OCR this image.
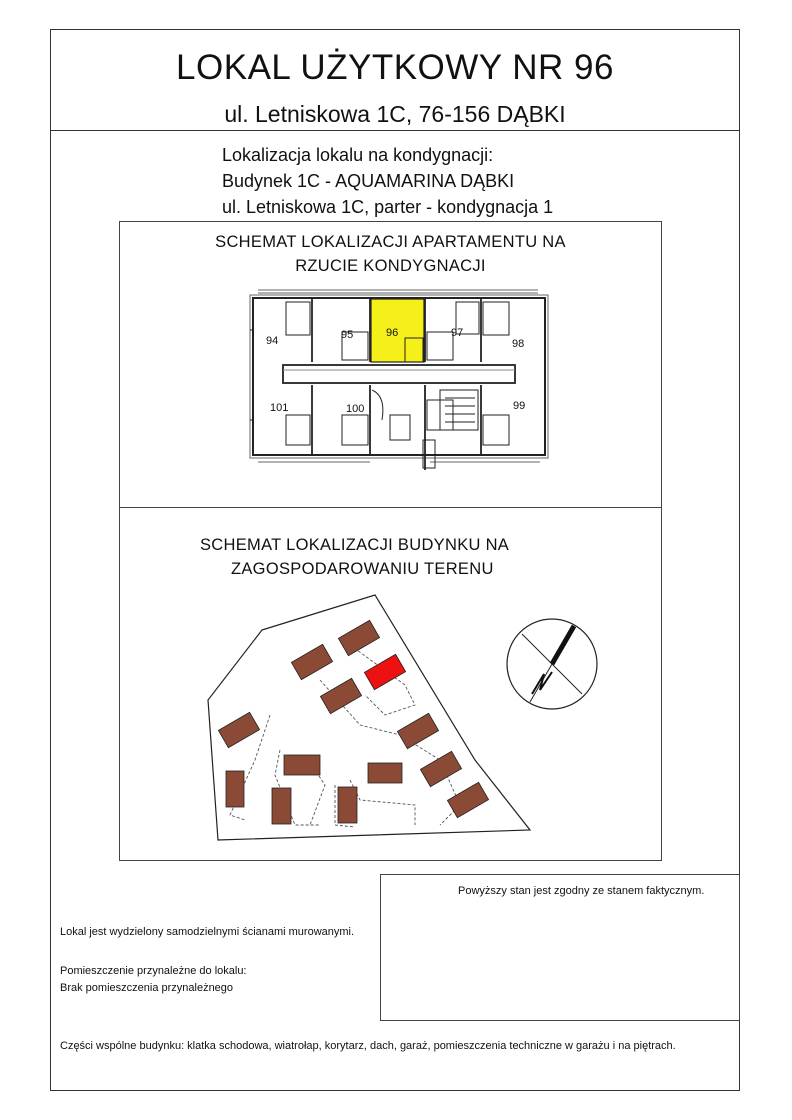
LOKAL UŻYTKOWY NR 96
ul. Letniskowa 1C, 76-156 DĄBKI
Lokalizacja lokalu na kondygnacji:
Budynek 1C - AQUAMARINA DĄBKI
ul. Letniskowa 1C, parter - kondygnacja 1
SCHEMAT LOKALIZACJI APARTAMENTU NA
RZUCIE KONDYGNACJI
94	95	96	97
98
101	100	99
SCHEMAT LOKALIZACJI BUDYNKU NA
ZAGOSPODAROWANIU TERENU
Powyższy stan jest zgodny ze stanem faktycznym.
Lokal jest wydzielony samodzielnymi ścianami murowanymi.
Pomieszczenie przynależne do lokalu:
Brak pomieszczenia przynależnego
Części wspólne budynku: klatka schodowa, wiatrołap, korytarz, dach, garaż, pomieszczenia techniczne w garażu i na piętrach.
